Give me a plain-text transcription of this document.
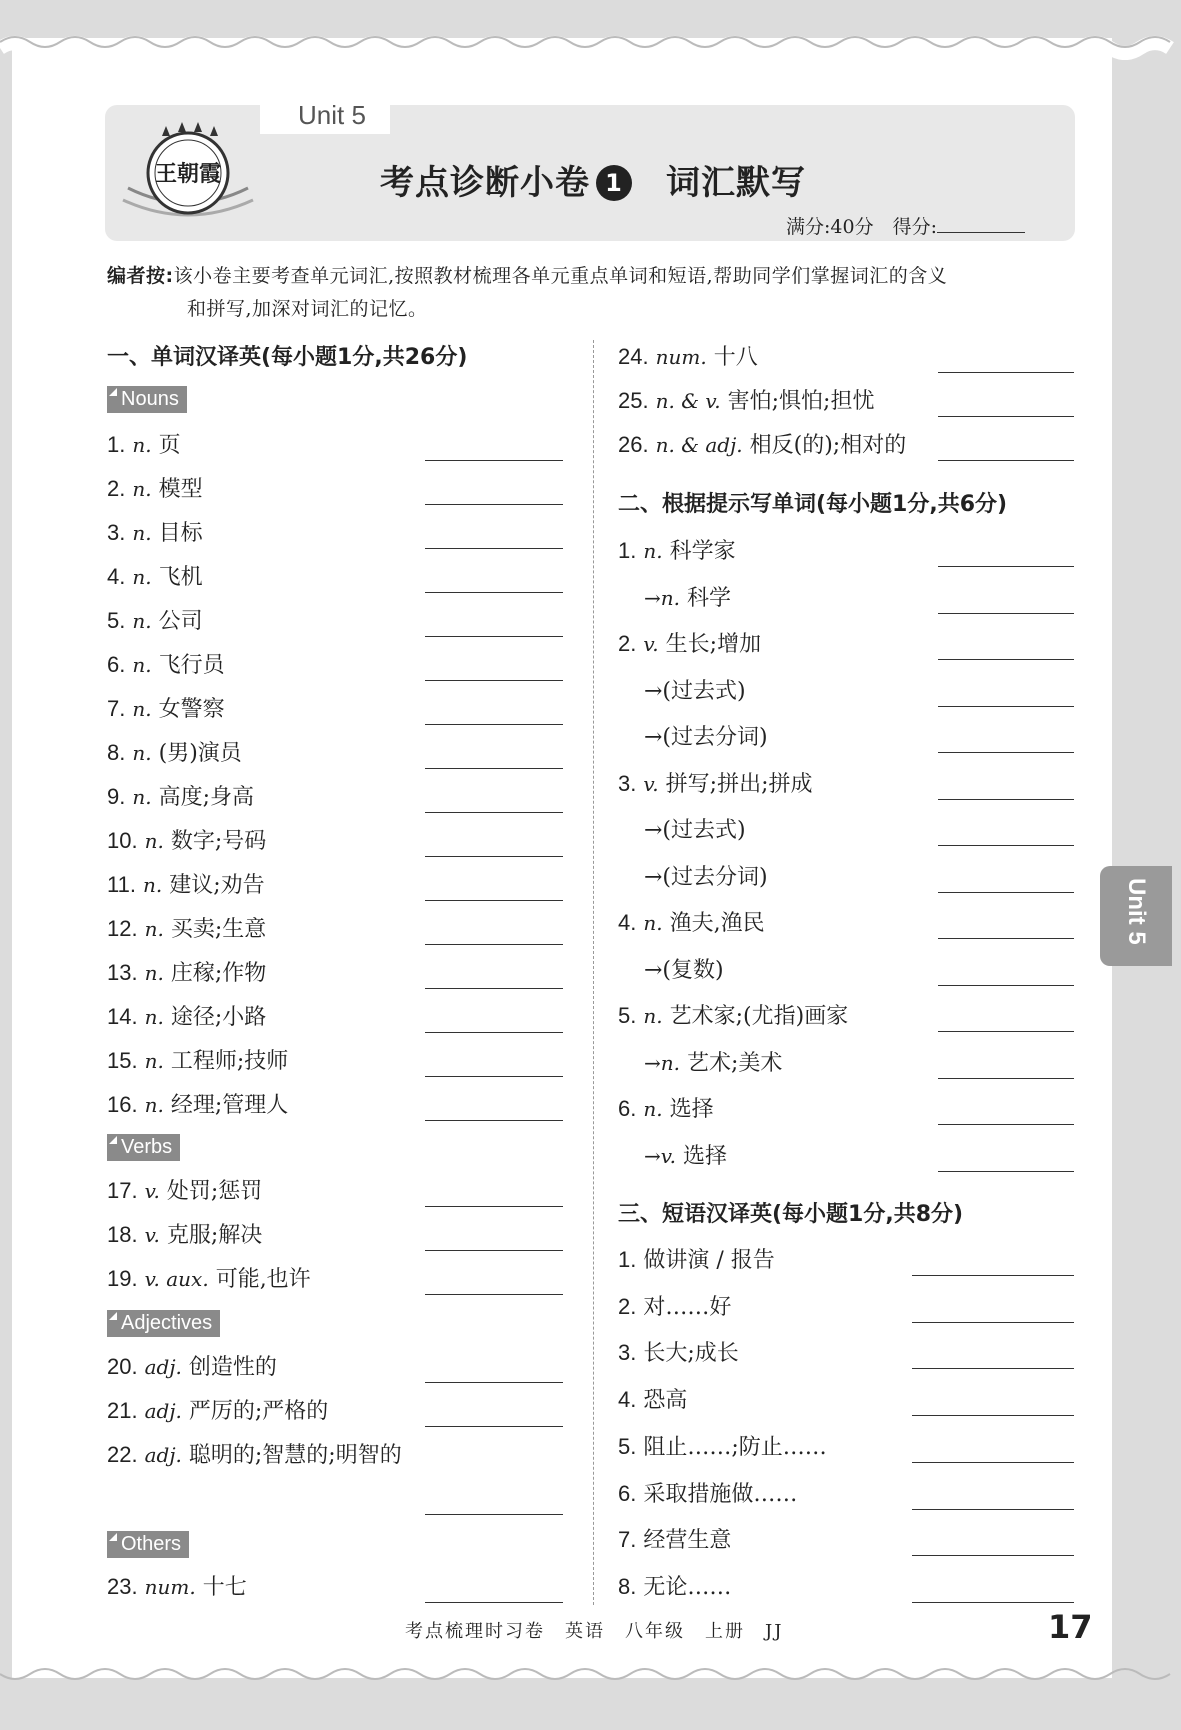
王朝霞
Unit 5
考点诊断小卷 1 词汇默写
满分:40分　得分:
编者按:该小卷主要考查单元词汇,按照教材梳理各单元重点单词和短语,帮助同学们掌握词汇的含义
和拼写,加深对词汇的记忆。
一、单词汉译英(每小题1分,共26分)
二、根据提示写单词(每小题1分,共6分)
三、短语汉译英(每小题1分,共8分)
Nouns
Verbs
Adjectives
Others
1. n. 页
2. n. 模型
3. n. 目标
4. n. 飞机
5. n. 公司
6. n. 飞行员
7. n. 女警察
8. n. (男)演员
9. n. 高度;身高
10. n. 数字;号码
11. n. 建议;劝告
12. n. 买卖;生意
13. n. 庄稼;作物
14. n. 途径;小路
15. n. 工程师;技师
16. n. 经理;管理人
17. v. 处罚;惩罚
18. v. 克服;解决
19. v. aux. 可能,也许
20. adj. 创造性的
21. adj. 严厉的;严格的
22. adj. 聪明的;智慧的;明智的
23. num. 十七
24. num. 十八
25. n. & v. 害怕;惧怕;担忧
26. n. & adj. 相反(的);相对的
1. n. 科学家
→n. 科学
2. v. 生长;增加
→(过去式)
→(过去分词)
3. v. 拼写;拼出;拼成
→(过去式)
→(过去分词)
4. n. 渔夫,渔民
→(复数)
5. n. 艺术家;(尤指)画家
→n. 艺术;美术
6. n. 选择
→v. 选择
1. 做讲演 / 报告
2. 对……好
3. 长大;成长
4. 恐高
5. 阻止……;防止……
6. 采取措施做……
7. 经营生意
8. 无论……
考点梳理时习卷　英语　八年级　上册　JJ	17
Unit 5
